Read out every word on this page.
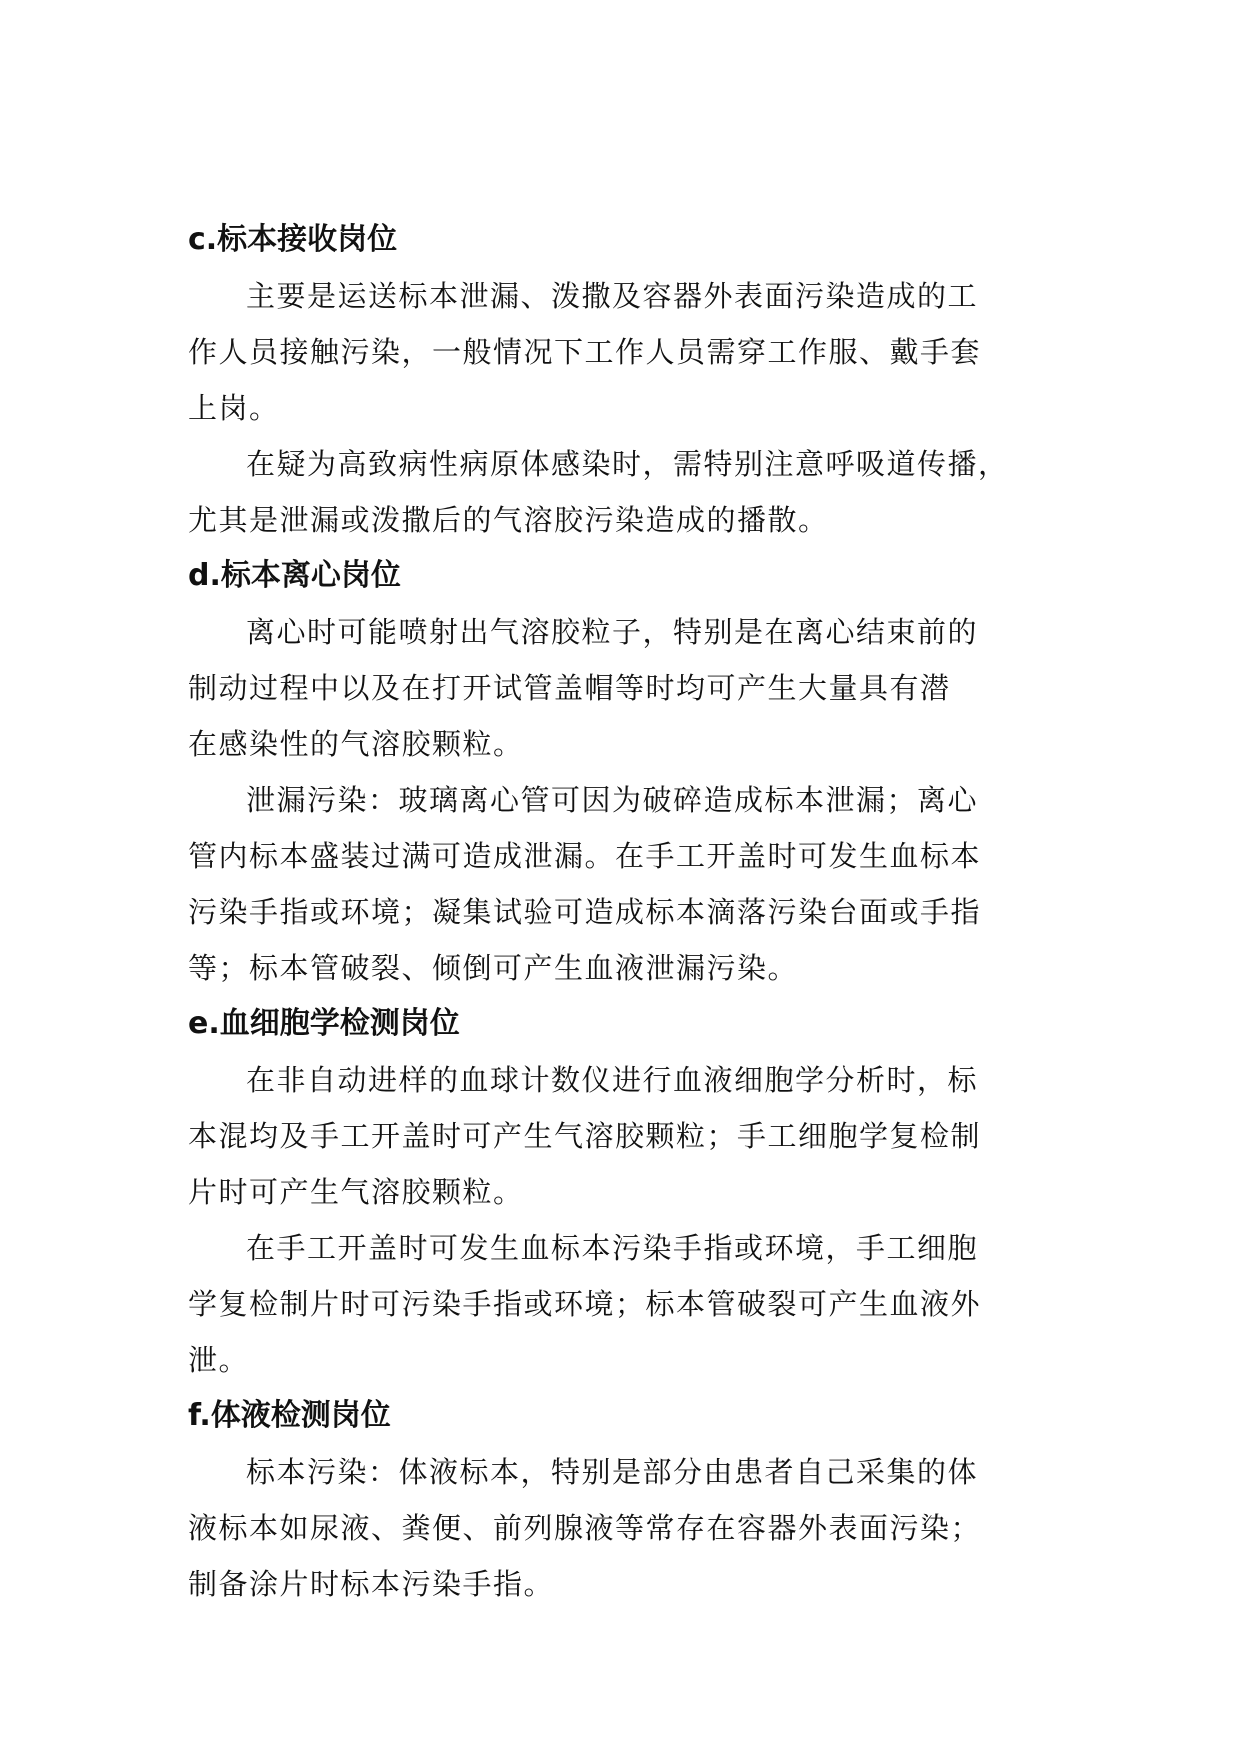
c.标本接收岗位
主要是运送标本泄漏、泼撒及容器外表面污染造成的工
作人员接触污染，一般情况下工作人员需穿工作服、戴手套
上岗。
在疑为高致病性病原体感染时，需特别注意呼吸道传播，
尤其是泄漏或泼撒后的气溶胶污染造成的播散。
d.标本离心岗位
离心时可能喷射出气溶胶粒子，特别是在离心结束前的
制动过程中以及在打开试管盖帽等时均可产生大量具有潜
在感染性的气溶胶颗粒。
泄漏污染：玻璃离心管可因为破碎造成标本泄漏；离心
管内标本盛装过满可造成泄漏。在手工开盖时可发生血标本
污染手指或环境；凝集试验可造成标本滴落污染台面或手指
等；标本管破裂、倾倒可产生血液泄漏污染。
e.血细胞学检测岗位
在非自动进样的血球计数仪进行血液细胞学分析时，标
本混均及手工开盖时可产生气溶胶颗粒；手工细胞学复检制
片时可产生气溶胶颗粒。
在手工开盖时可发生血标本污染手指或环境，手工细胞
学复检制片时可污染手指或环境；标本管破裂可产生血液外
泄。
f.体液检测岗位
标本污染：体液标本，特别是部分由患者自己采集的体
液标本如尿液、粪便、前列腺液等常存在容器外表面污染；
制备涂片时标本污染手指。
